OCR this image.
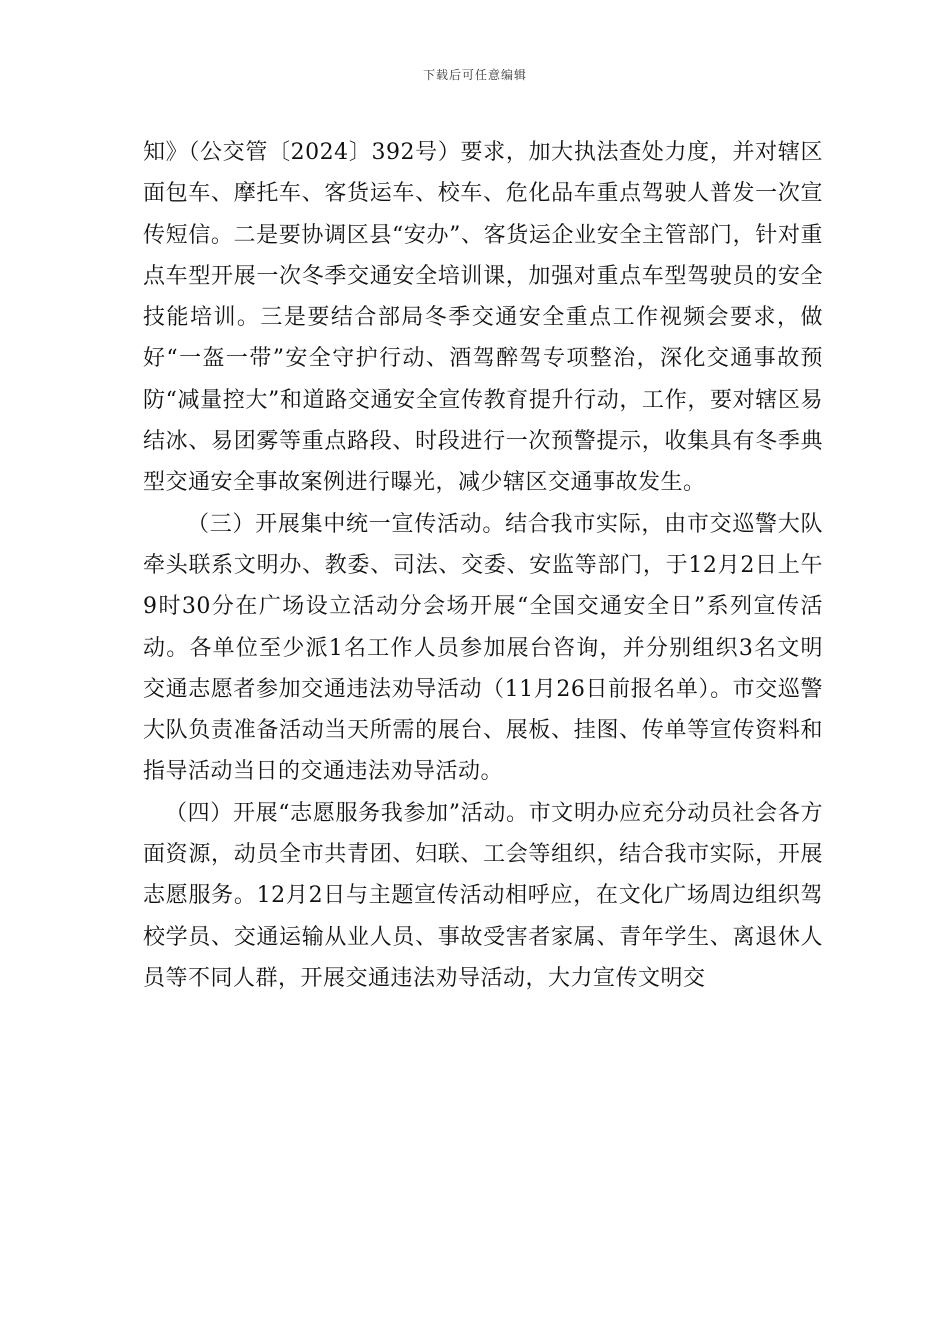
下载后可任意编辑

知》（公交管〔2024〕392号）要求，加大执法查处力度，并对辖区面包车、摩托车、客货运车、校车、危化品车重点驾驶人普发一次宣传短信。二是要协调区县“安办”、客货运企业安全主管部门，针对重点车型开展一次冬季交通安全培训课，加强对重点车型驾驶员的安全技能培训。三是要结合部局冬季交通安全重点工作视频会要求，做好“一盔一带”安全守护行动、酒驾醉驾专项整治，深化交通事故预防“减量控大”和道路交通安全宣传教育提升行动，工作，要对辖区易结冰、易团雾等重点路段、时段进行一次预警提示，收集具有冬季典型交通安全事故案例进行曝光，减少辖区交通事故发生。

（三）开展集中统一宣传活动。结合我市实际，由市交巡警大队牵头联系文明办、教委、司法、交委、安监等部门，于12月2日上午9时30分在广场设立活动分会场开展“全国交通安全日”系列宣传活动。各单位至少派1名工作人员参加展台咨询，并分别组织3名文明交通志愿者参加交通违法劝导活动（11月26日前报名单）。市交巡警大队负责准备活动当天所需的展台、展板、挂图、传单等宣传资料和指导活动当日的交通违法劝导活动。

（四）开展“志愿服务我参加”活动。市文明办应充分动员社会各方面资源，动员全市共青团、妇联、工会等组织，结合我市实际，开展志愿服务。12月2日与主题宣传活动相呼应，在文化广场周边组织驾校学员、交通运输从业人员、事故受害者家属、青年学生、离退休人员等不同人群，开展交通违法劝导活动，大力宣传文明交
